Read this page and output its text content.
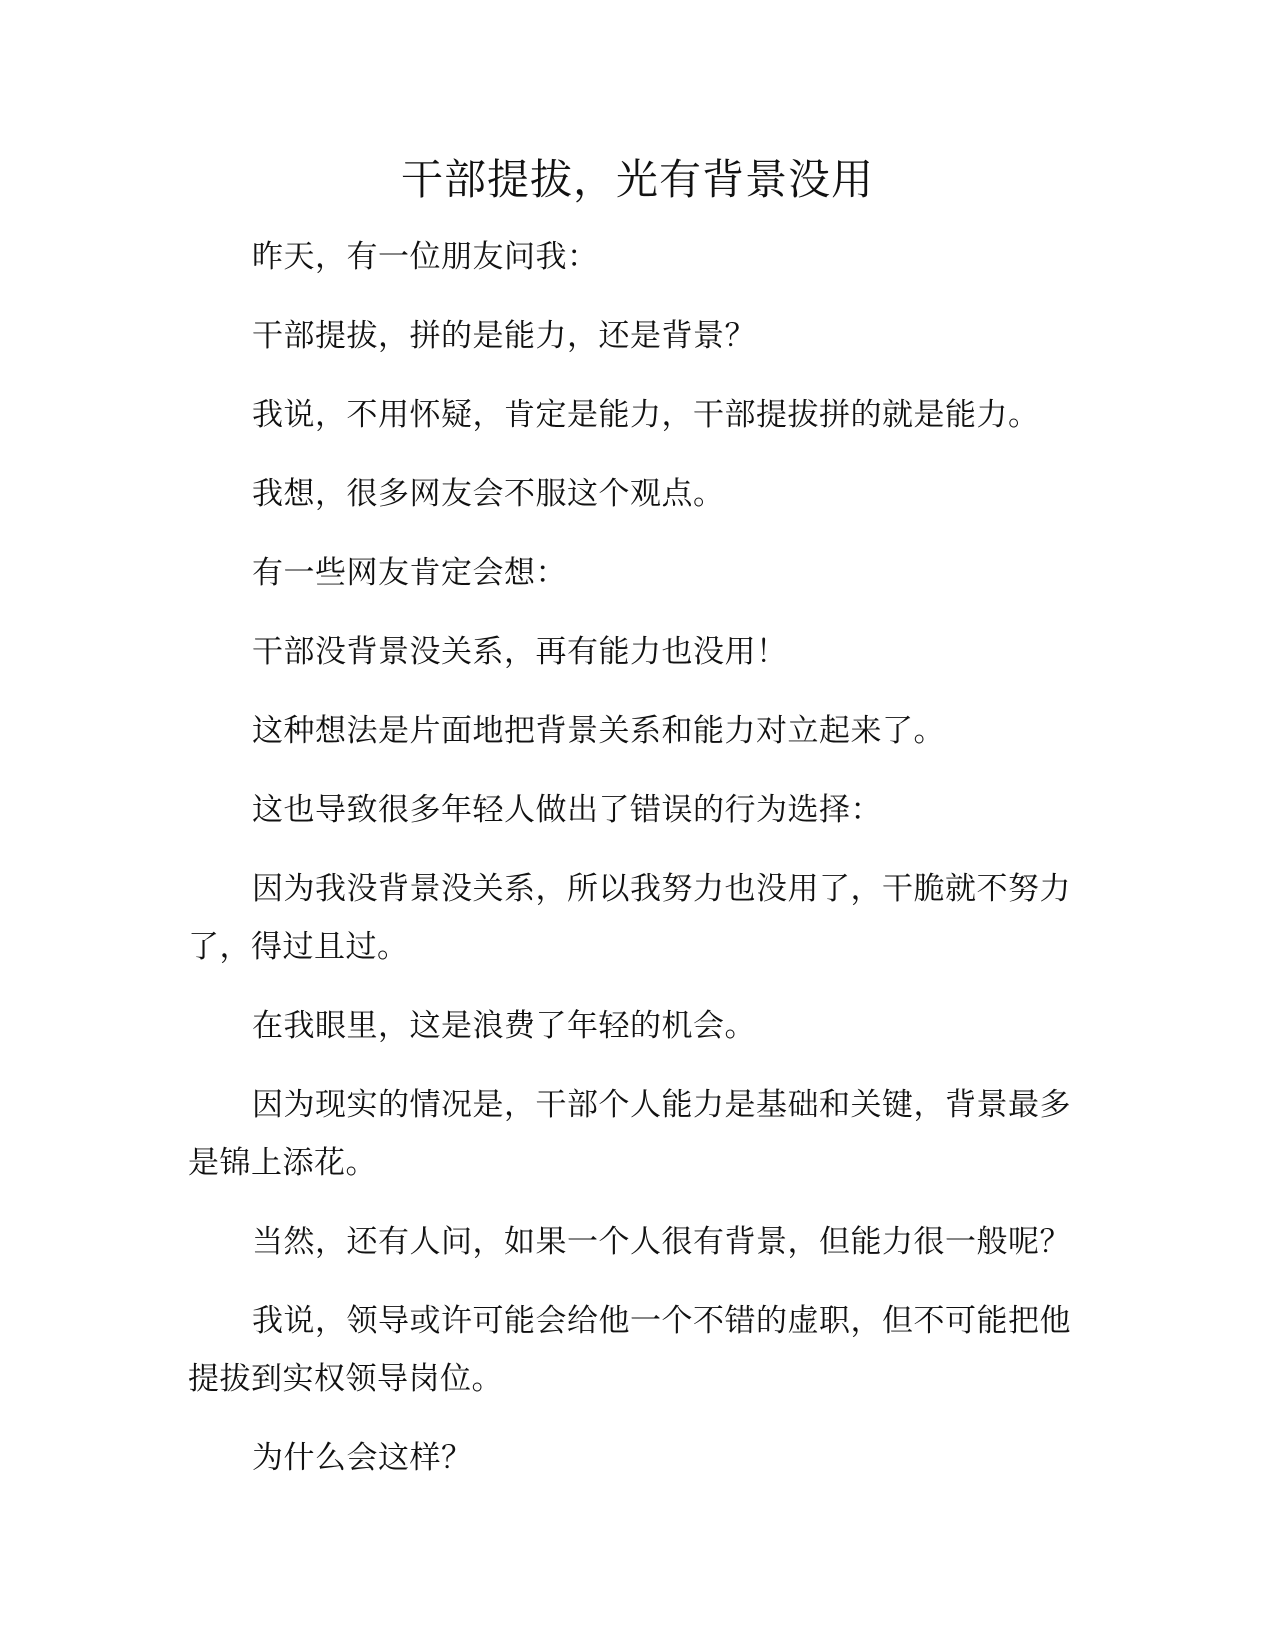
干部提拔，光有背景没用

昨天，有一位朋友问我：

干部提拔，拼的是能力，还是背景？

我说，不用怀疑，肯定是能力，干部提拔拼的就是能力。

我想，很多网友会不服这个观点。

有一些网友肯定会想：

干部没背景没关系，再有能力也没用！

这种想法是片面地把背景关系和能力对立起来了。

这也导致很多年轻人做出了错误的行为选择：

因为我没背景没关系，所以我努力也没用了，干脆就不努力了，得过且过。

在我眼里，这是浪费了年轻的机会。

因为现实的情况是，干部个人能力是基础和关键，背景最多是锦上添花。

当然，还有人问，如果一个人很有背景，但能力很一般呢？

我说，领导或许可能会给他一个不错的虚职，但不可能把他提拔到实权领导岗位。

为什么会这样？
